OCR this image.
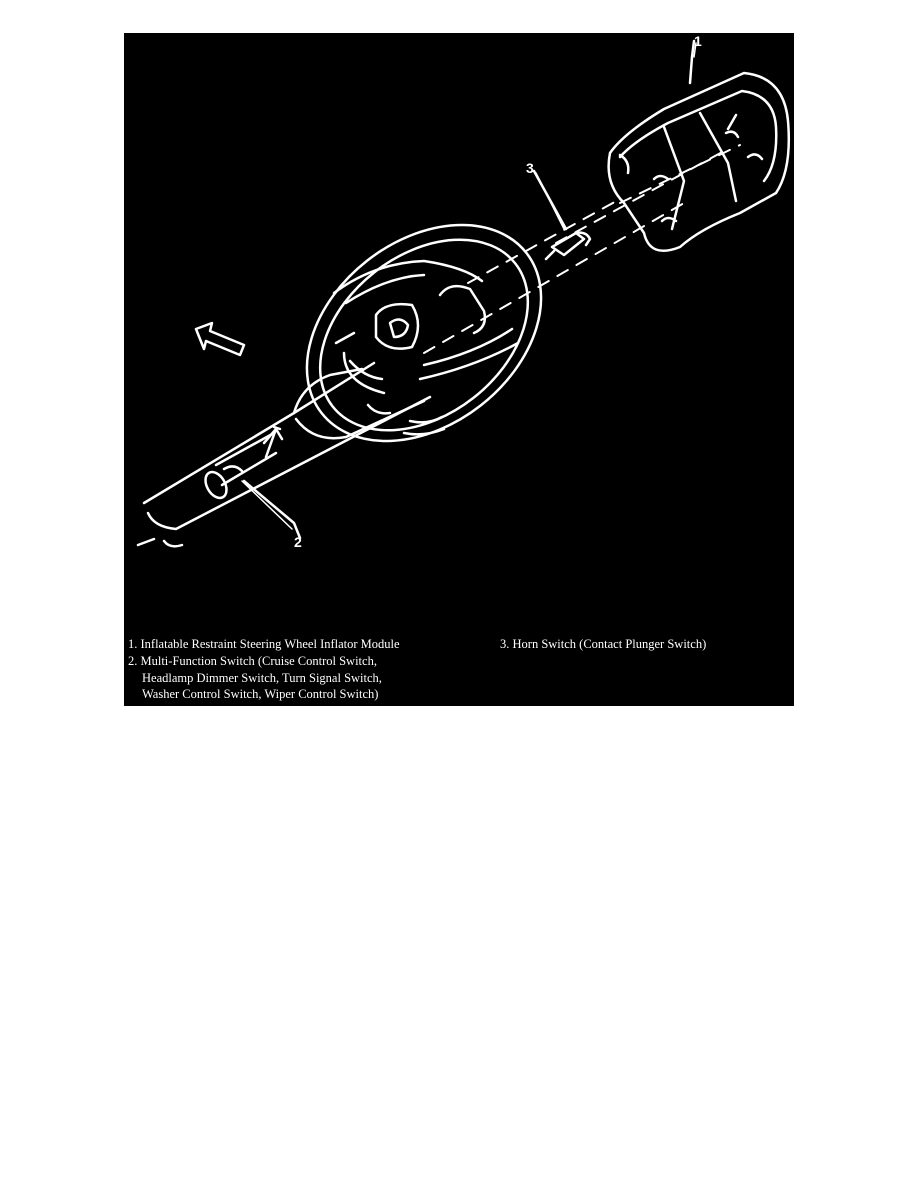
1
2
3
1. Inflatable Restraint Steering Wheel Inflator Module
2. Multi-Function Switch (Cruise Control Switch,
Headlamp Dimmer Switch, Turn Signal Switch,
Washer Control Switch, Wiper Control Switch)
3. Horn Switch (Contact Plunger Switch)
